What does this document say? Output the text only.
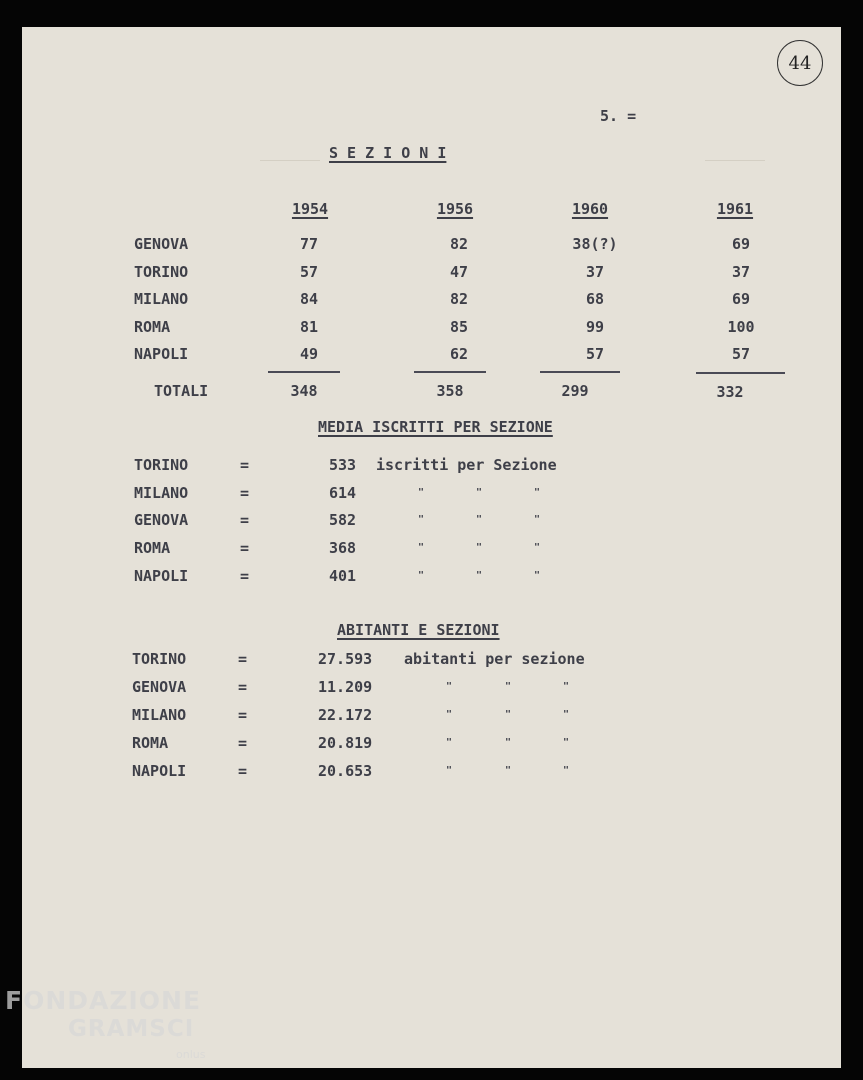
44
5. =
S E Z I O N I
1954	1956	1960	1961
GENOVA	77	82	38(?)	69
TORINO	57	47	37	37
MILANO	84	82	68	69
ROMA	81	85	99	100
NAPOLI	49	62	57	57
TOTALI	348	358	299	332
MEDIA ISCRITTI PER SEZIONE
TORINO	=	533 iscritti per Sezione
MILANO	=	614	"	"	"
GENOVA	=	582	"	"	"
ROMA	=	368	"	"	"
NAPOLI	=	401	"	"	"
ABITANTI E SEZIONI
TORINO	=	27.593 abitanti per sezione
GENOVA	=	11.209	"	"	"
MILANO	=	22.172	"	"	"
ROMA	=	20.819	"	"	"
NAPOLI	=	20.653	"	"	"
FONDAZIONE
GRAMSCI
onlus
